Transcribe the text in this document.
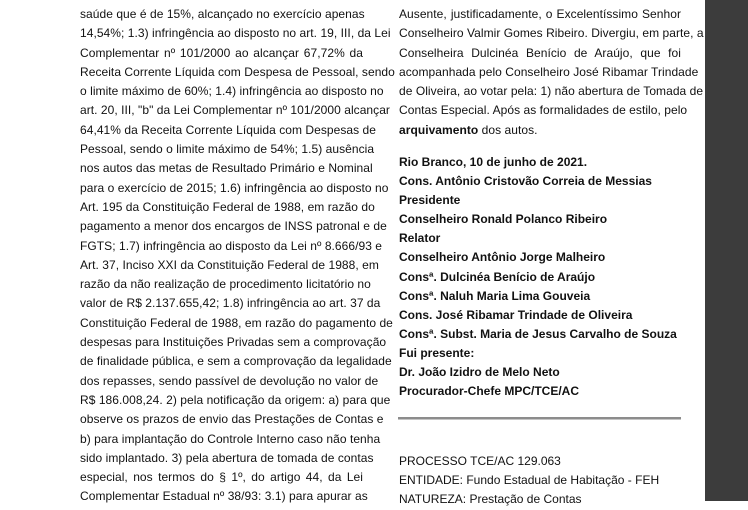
saúde que é de 15%, alcançado no exercício apenas
14,54%; 1.3) infringência ao disposto no art. 19, III, da Lei
Complementar nº 101/2000 ao alcançar 67,72% da
Receita Corrente Líquida com Despesa de Pessoal, sendo
o limite máximo de 60%; 1.4) infringência ao disposto no
art. 20, III, "b" da Lei Complementar nº 101/2000 alcançar
64,41% da Receita Corrente Líquida com Despesas de
Pessoal, sendo o limite máximo de 54%; 1.5) ausência
nos autos das metas de Resultado Primário e Nominal
para o exercício de 2015; 1.6) infringência ao disposto no
Art. 195 da Constituição Federal de 1988, em razão do
pagamento a menor dos encargos de INSS patronal e de
FGTS; 1.7) infringência ao disposto da Lei nº 8.666/93 e
Art. 37, Inciso XXI da Constituição Federal de 1988, em
razão da não realização de procedimento licitatório no
valor de R$ 2.137.655,42; 1.8) infringência ao art. 37 da
Constituição Federal de 1988, em razão do pagamento de
despesas para Instituições Privadas sem a comprovação
de finalidade pública, e sem a comprovação da legalidade
dos repasses, sendo passível de devolução no valor de
R$ 186.008,24. 2) pela notificação da origem: a) para que
observe os prazos de envio das Prestações de Contas e
b) para implantação do Controle Interno caso não tenha
sido implantado. 3) pela abertura de tomada de contas
especial, nos termos do § 1º, do artigo 44, da Lei
Complementar Estadual nº 38/93: 3.1) para apurar as

Ausente, justificadamente, o Excelentíssimo Senhor
Conselheiro Valmir Gomes Ribeiro. Divergiu, em parte, a
Conselheira Dulcinéa Benício de Araújo, que foi
acompanhada pelo Conselheiro José Ribamar Trindade
de Oliveira, ao votar pela: 1) não abertura de Tomada de
Contas Especial. Após as formalidades de estilo, pelo
arquivamento dos autos.

Rio Branco, 10 de junho de 2021.
Cons. Antônio Cristovão Correia de Messias
Presidente
Conselheiro Ronald Polanco Ribeiro
Relator
Conselheiro Antônio Jorge Malheiro
Consª. Dulcinéa Benício de Araújo
Consª. Naluh Maria Lima Gouveia
Cons. José Ribamar Trindade de Oliveira
Consª. Subst. Maria de Jesus Carvalho de Souza
Fui presente:
Dr. João Izidro de Melo Neto
Procurador-Chefe MPC/TCE/AC
PROCESSO TCE/AC 129.063
ENTIDADE: Fundo Estadual de Habitação - FEH
NATUREZA: Prestação de Contas
